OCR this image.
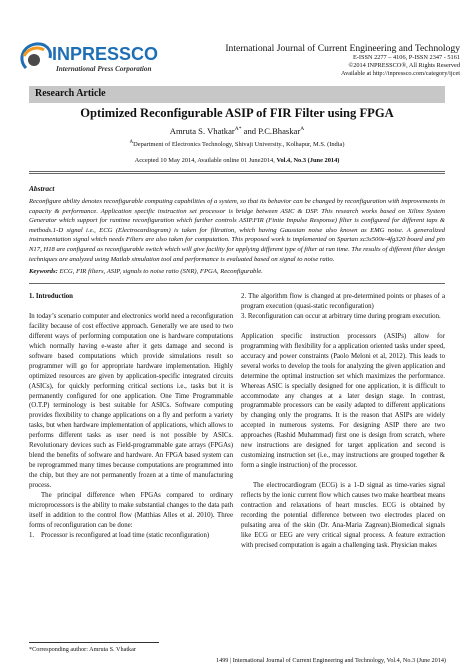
INPRESSCO
International Press Corporation
International Journal of Current Engineering and Technology
E-ISSN 2277 – 4106, P-ISSN 2347 - 5161
©2014 INPRESSCO®, All Rights Reserved
Available at http://inpressco.com/category/ijcet
Research Article
Optimized Reconfigurable ASIP of FIR Filter using FPGA
Amruta S. Vhatkar$^{A*}$ and P.C.Bhaskar$^A$
$^A$Department of Electronics Technology, Shivaji University., Kolhapur, M.S. (India)
Accepted 10 May 2014, Available online 01 June2014, Vol.4, No.3 (June 2014)
Abstract
Reconfigure ability denotes reconfigurable computing capabilities of a system, so that its behavior can be changed by reconfiguration with improvements in capacity & performance. Application specific instruction set processor is bridge between ASIC & DSP. This research works based on Xilinx System Generator which support for runtime reconfiguration which further controls ASIP.FIR (Finite Impulse Response) filter is configured for different taps & methods.1-D signal i.e., ECG (Electrocardiogram) is taken for filtration, which having Gaussian noise also known as EMG noise. A generalized instrumentation signal which needs Filters are also taken for computation. This proposed work is implemented on Spartan xc3s500e-4fg320 board and pin N17, H18 are configured as reconfigurable switch which will give facility for applying different type of filter at run time. The results of different filter design techniques are analyzed using Matlab simulation tool and performance is evaluated based on signal to noise ratio.
Keywords: ECG, FIR filters, ASIP, signals to noise ratio (SNR), FPGA, Reconfigurable.

1. Introduction

In today’s scenario computer and electronics world need a reconfiguration facility because of cost effective approach. Generally we are used to two different ways of performing computation one is hardware computations which normally having e-waste after it gets damage and second is software based computations which provide simulations result so programmer will go for appropriate hardware implementation. Highly optimized resources are given by application-specific integrated circuits (ASICs), for quickly performing critical sections i.e., tasks but it is permanently configured for one application. One Time Programmable (O.T.P) terminology is best suitable for ASICs. Software computing provides flexibility to change applications on a fly and perform a variety tasks, but when hardware implementation of applications, which allows to performs different tasks as user need is not possible by ASICs. Revolutionary devices such as Field-programmable gate arrays (FPGAs) blend the benefits of software and hardware. An FPGA based system can be reprogrammed many times because computations are programmed into the chip, but they are not permanently frozen at a time of manufacturing process.

The principal difference when FPGAs compared to ordinary microprocessors is the ability to make substantial changes to the data path itself in addition to the control flow (Matthias Alles et al. 2010). Three forms of reconfiguration can be done:

1.    Processor is reconfigured at load time (static reconfiguration)

2. The algorithm flow is changed at pre-determined points or phases of a program execution (quasi-static reconfiguration)

3. Reconfiguration can occur at arbitrary time during program execution.

Application specific instruction processors (ASIPs) allow for programming with flexibility for a application oriented tasks under speed, accuracy and power constraints (Paolo Meloni et al, 2012). This leads to several works to develop the tools for analyzing the given application and determine the optimal instruction set which maximizes the performance. Whereas ASIC is specially designed for one application, it is difficult to accommodate any changes at a later design stage. In contrast, programmable processors can be easily adapted to different applications by changing only the programs. It is the reason that ASIPs are widely accepted in numerous systems. For designing ASIP there are two approaches (Rashid Muhammad) first one is design from scratch, where new instructions are designed for target application and second is customizing instruction set (i.e., may instructions are grouped together & form a single instruction) of the processor.

The electrocardiogram (ECG) is a 1-D signal as time-varies signal reflects by the ionic current flow which causes two make heartbeat means contraction and relaxations of heart muscles. ECG is obtained by recording the potential difference between two electrodes placed on pulsating area of the skin (Dr. Ana-Maria Zagrean).Biomedical signals like ECG or EEG are very critical signal process. A feature extraction with precised computation is again a challenging task. Physician makes

*Corresponding author: Amruta S. Vhatkar
1499 | International Journal of Current Engineering and Technology, Vol.4, No.3 (June 2014)
